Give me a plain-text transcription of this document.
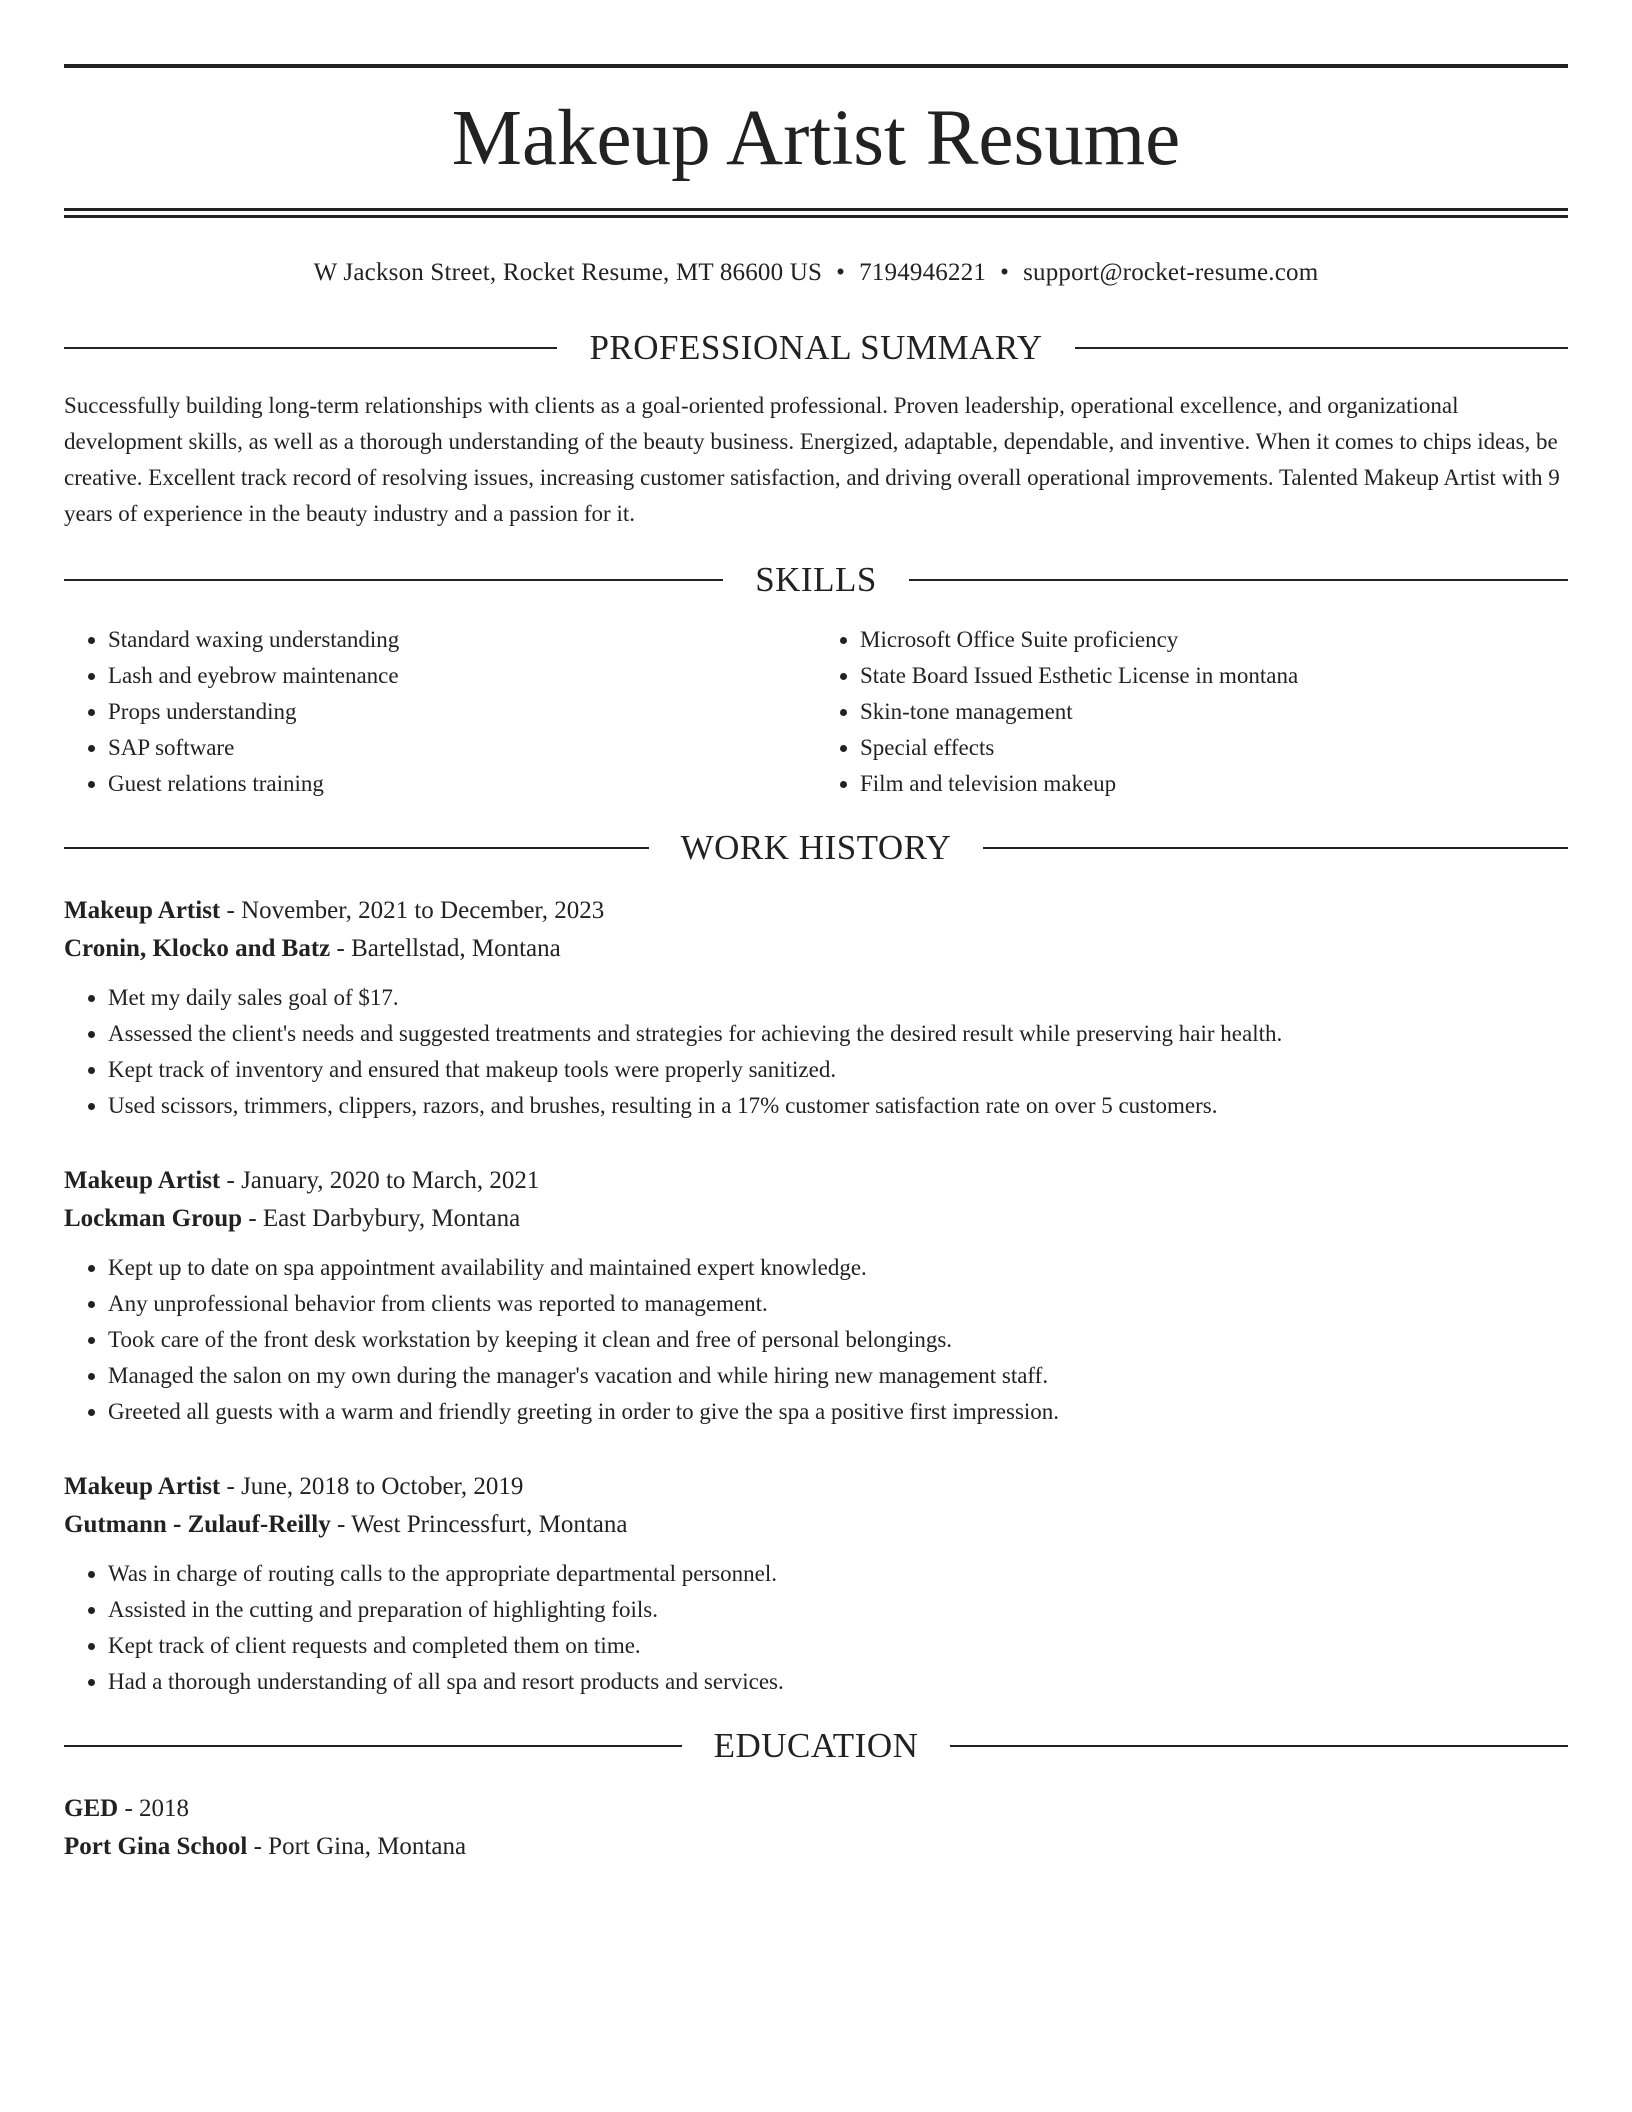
Makeup Artist Resume
W Jackson Street, Rocket Resume, MT 86600 US • 7194946221 • support@rocket-resume.com
PROFESSIONAL SUMMARY

Successfully building long-term relationships with clients as a goal-oriented professional. Proven leadership, operational excellence, and organizational development skills, as well as a thorough understanding of the beauty business. Energized, adaptable, dependable, and inventive. When it comes to chips ideas, be creative. Excellent track record of resolving issues, increasing customer satisfaction, and driving overall operational improvements. Talented Makeup Artist with 9 years of experience in the beauty industry and a passion for it.

SKILLS
• Standard waxing understanding
• Lash and eyebrow maintenance
• Props understanding
• SAP software
• Guest relations training
• Microsoft Office Suite proficiency
• State Board Issued Esthetic License in montana
• Skin-tone management
• Special effects
• Film and television makeup
WORK HISTORY
Makeup Artist - November, 2021 to December, 2023
Cronin, Klocko and Batz - Bartellstad, Montana
• Met my daily sales goal of $17.
• Assessed the client's needs and suggested treatments and strategies for achieving the desired result while preserving hair health.
• Kept track of inventory and ensured that makeup tools were properly sanitized.
• Used scissors, trimmers, clippers, razors, and brushes, resulting in a 17% customer satisfaction rate on over 5 customers.
Makeup Artist - January, 2020 to March, 2021
Lockman Group - East Darbybury, Montana
• Kept up to date on spa appointment availability and maintained expert knowledge.
• Any unprofessional behavior from clients was reported to management.
• Took care of the front desk workstation by keeping it clean and free of personal belongings.
• Managed the salon on my own during the manager's vacation and while hiring new management staff.
• Greeted all guests with a warm and friendly greeting in order to give the spa a positive first impression.
Makeup Artist - June, 2018 to October, 2019
Gutmann - Zulauf-Reilly - West Princessfurt, Montana
• Was in charge of routing calls to the appropriate departmental personnel.
• Assisted in the cutting and preparation of highlighting foils.
• Kept track of client requests and completed them on time.
• Had a thorough understanding of all spa and resort products and services.
EDUCATION
GED - 2018
Port Gina School - Port Gina, Montana
